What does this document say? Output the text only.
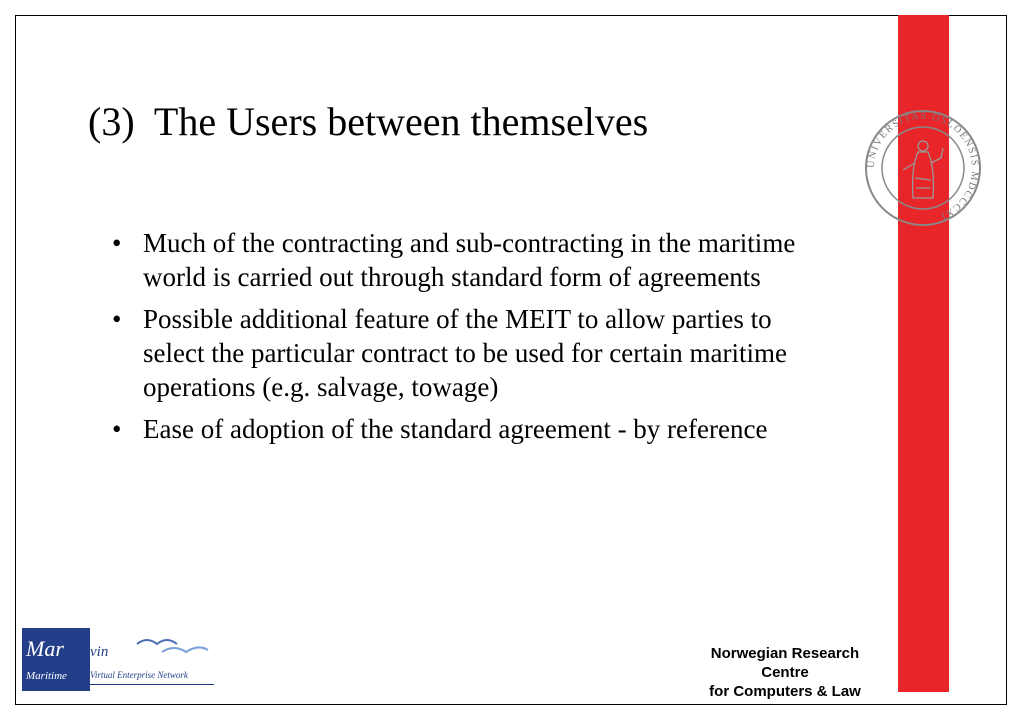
(3)  The Users between themselves
• Much of the contracting and sub-contracting in the maritime world is carried out through standard form of agreements
• Possible additional feature of the MEIT to allow parties to select the particular contract to be used for certain maritime operations (e.g. salvage, towage)
• Ease of adoption of the standard agreement - by reference
UNIVERSITAS OSLOENSIS MDCCCXI
Mar vin
Maritime	Virtual Enterprise Network
Norwegian Research
Centre
for Computers & Law
